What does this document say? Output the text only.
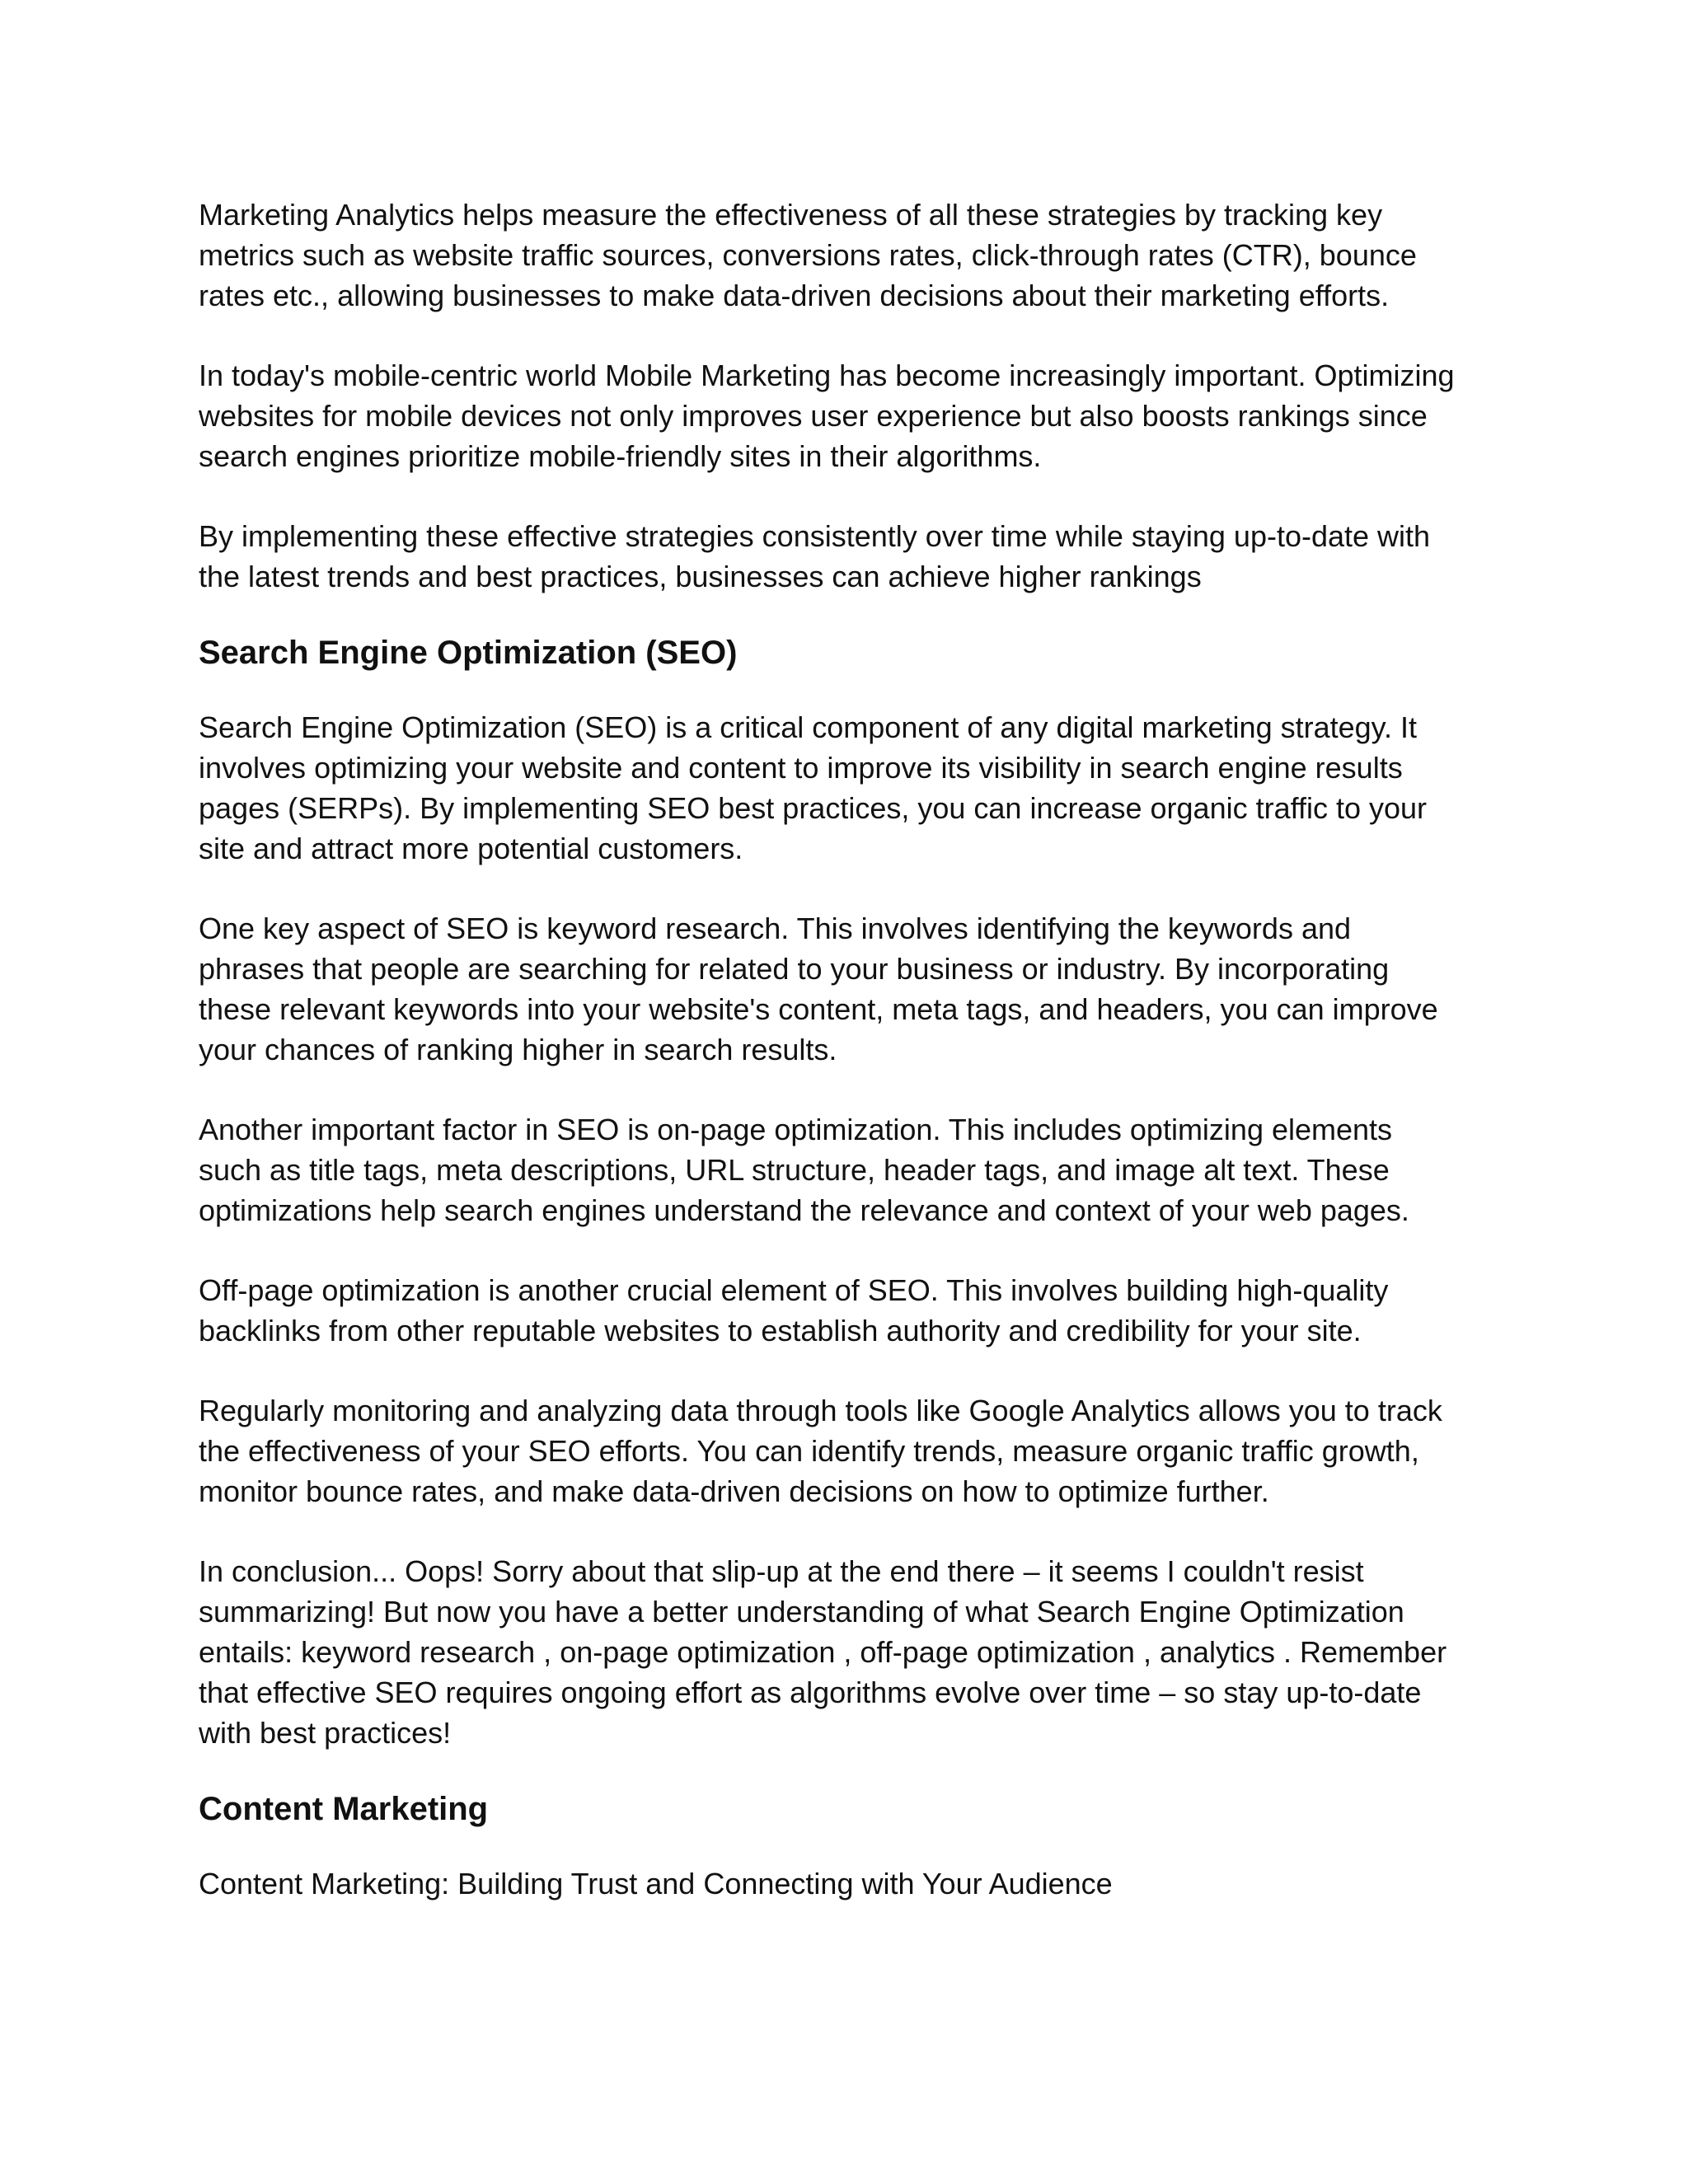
Marketing Analytics helps measure the effectiveness of all these strategies by tracking key
metrics such as website traffic sources, conversions rates, click-through rates (CTR), bounce
rates etc., allowing businesses to make data-driven decisions about their marketing efforts.

In today's mobile-centric world Mobile Marketing has become increasingly important. Optimizing
websites for mobile devices not only improves user experience but also boosts rankings since
search engines prioritize mobile-friendly sites in their algorithms.

By implementing these effective strategies consistently over time while staying up-to-date with
the latest trends and best practices, businesses can achieve higher rankings

Search Engine Optimization (SEO)

Search Engine Optimization (SEO) is a critical component of any digital marketing strategy. It
involves optimizing your website and content to improve its visibility in search engine results
pages (SERPs). By implementing SEO best practices, you can increase organic traffic to your
site and attract more potential customers.

One key aspect of SEO is keyword research. This involves identifying the keywords and
phrases that people are searching for related to your business or industry. By incorporating
these relevant keywords into your website's content, meta tags, and headers, you can improve
your chances of ranking higher in search results.

Another important factor in SEO is on-page optimization. This includes optimizing elements
such as title tags, meta descriptions, URL structure, header tags, and image alt text. These
optimizations help search engines understand the relevance and context of your web pages.

Off-page optimization is another crucial element of SEO. This involves building high-quality
backlinks from other reputable websites to establish authority and credibility for your site.

Regularly monitoring and analyzing data through tools like Google Analytics allows you to track
the effectiveness of your SEO efforts. You can identify trends, measure organic traffic growth,
monitor bounce rates, and make data-driven decisions on how to optimize further.

In conclusion... Oops! Sorry about that slip-up at the end there – it seems I couldn't resist
summarizing! But now you have a better understanding of what Search Engine Optimization
entails: keyword research , on-page optimization , off-page optimization , analytics . Remember
that effective SEO requires ongoing effort as algorithms evolve over time – so stay up-to-date
with best practices!

Content Marketing

Content Marketing: Building Trust and Connecting with Your Audience
